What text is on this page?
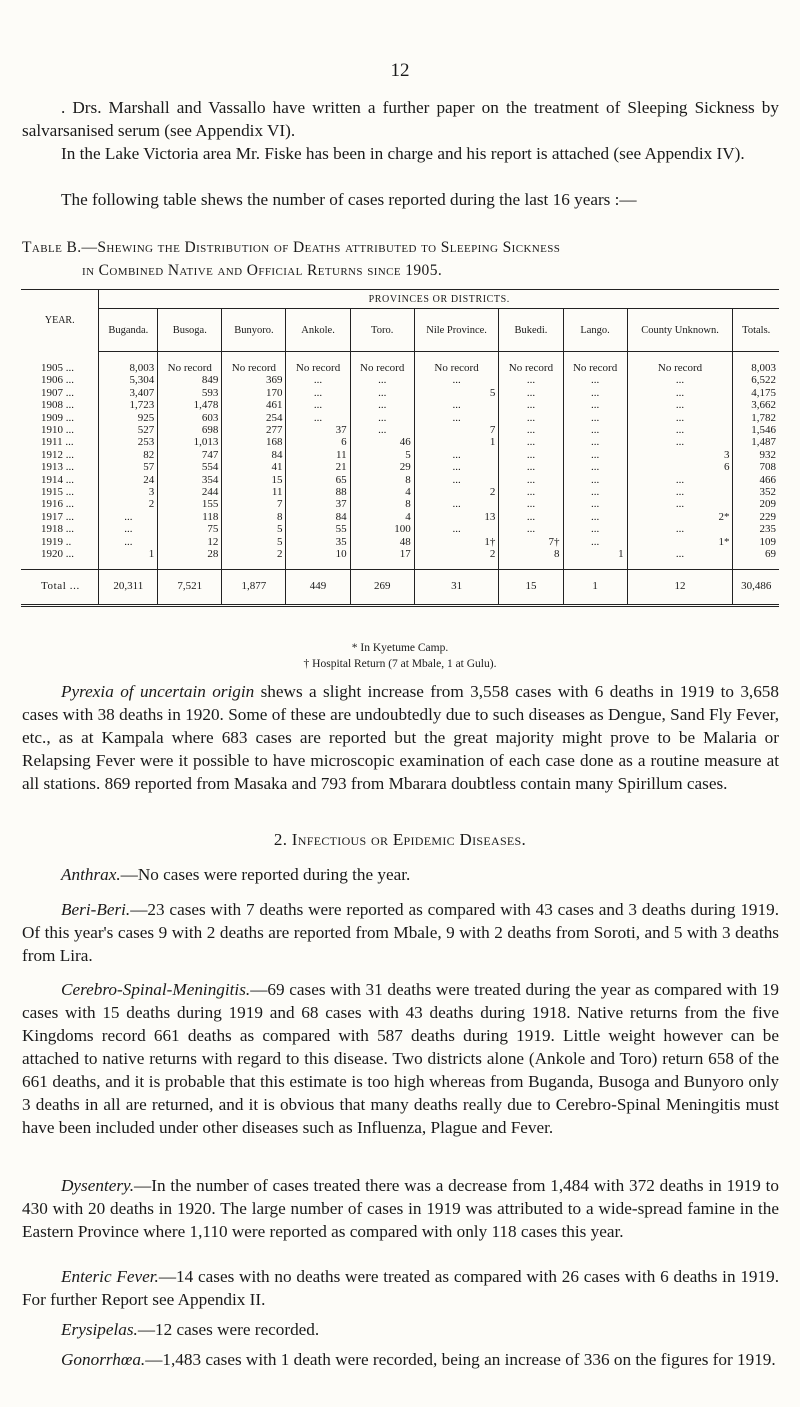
12

. Drs. Marshall and Vassallo have written a further paper on the treatment of Sleeping Sickness by salvarsanised serum (see Appendix VI).

In the Lake Victoria area Mr. Fiske has been in charge and his report is attached (see Appendix IV).

The following table shews the number of cases reported during the last 16 years :—

Table B.—Shewing the Distribution of Deaths attributed to Sleeping Sickness
in Combined Native and Official Returns since 1905.
YEAR.	PROVINCES OR DISTRICTS.									
	Buganda.	Busoga.	Bunyoro.	Ankole.	Toro.	Nile Province.	Bukedi.	Lango.	County Unknown.	Totals.
1905 ...	8,003	No record	No record	No record	No record	No record	No record	No record	No record	8,003
1906 ...	5,304	849	369	...	...	...	...	...	...	6,522
1907 ...	3,407	593	170	...	...	5	...	...	...	4,175
1908 ...	1,723	1,478	461	...	...	...	...	...	...	3,662
1909 ...	925	603	254	...	...	...	...	...	...	1,782
1910 ...	527	698	277	37	...	7	...	...	...	1,546
1911 ...	253	1,013	168	6	46	1	...	...	...	1,487
1912 ...	82	747	84	11	5	...	...	...	3	932
1913 ...	57	554	41	21	29	...	...	...	6	708
1914 ...	24	354	15	65	8	...	...	...	...	466
1915 ...	3	244	11	88	4	2	...	...	...	352
1916 ...	2	155	7	37	8	...	...	...	...	209
1917 ...	...	118	8	84	4	13	...	...	2*	229
1918 ...	...	75	5	55	100	...	...	...	...	235
1919 ..	...	12	5	35	48	1†	7†	...	1*	109
1920 ...	1	28	2	10	17	2	8	1	...	69
Total ...	20,311	7,521	1,877	449	269	31	15	1	12	30,486
* In Kyetume Camp.
† Hospital Return (7 at Mbale, 1 at Gulu).

Pyrexia of uncertain origin shews a slight increase from 3,558 cases with 6 deaths in 1919 to 3,658 cases with 38 deaths in 1920. Some of these are undoubtedly due to such diseases as Dengue, Sand Fly Fever, etc., as at Kampala where 683 cases are reported but the great majority might prove to be Malaria or Relapsing Fever were it possible to have microscopic examination of each case done as a routine measure at all stations. 869 reported from Masaka and 793 from Mbarara doubtless contain many Spirillum cases.

2. Infectious or Epidemic Diseases.

Anthrax.—No cases were reported during the year.

Beri-Beri.—23 cases with 7 deaths were reported as compared with 43 cases and 3 deaths during 1919. Of this year's cases 9 with 2 deaths are reported from Mbale, 9 with 2 deaths from Soroti, and 5 with 3 deaths from Lira.

Cerebro-Spinal-Meningitis.—69 cases with 31 deaths were treated during the year as compared with 19 cases with 15 deaths during 1919 and 68 cases with 43 deaths during 1918. Native returns from the five Kingdoms record 661 deaths as compared with 587 deaths during 1919. Little weight however can be attached to native returns with regard to this disease. Two districts alone (Ankole and Toro) return 658 of the 661 deaths, and it is probable that this estimate is too high whereas from Buganda, Busoga and Bunyoro only 3 deaths in all are returned, and it is obvious that many deaths really due to Cerebro-Spinal Meningitis must have been included under other diseases such as Influenza, Plague and Fever.

Dysentery.—In the number of cases treated there was a decrease from 1,484 with 372 deaths in 1919 to 430 with 20 deaths in 1920. The large number of cases in 1919 was attributed to a wide-spread famine in the Eastern Province where 1,110 were reported as compared with only 118 cases this year.

Enteric Fever.—14 cases with no deaths were treated as compared with 26 cases with 6 deaths in 1919. For further Report see Appendix II.

Erysipelas.—12 cases were recorded.

Gonorrhœa.—1,483 cases with 1 death were recorded, being an increase of 336 on the figures for 1919.
